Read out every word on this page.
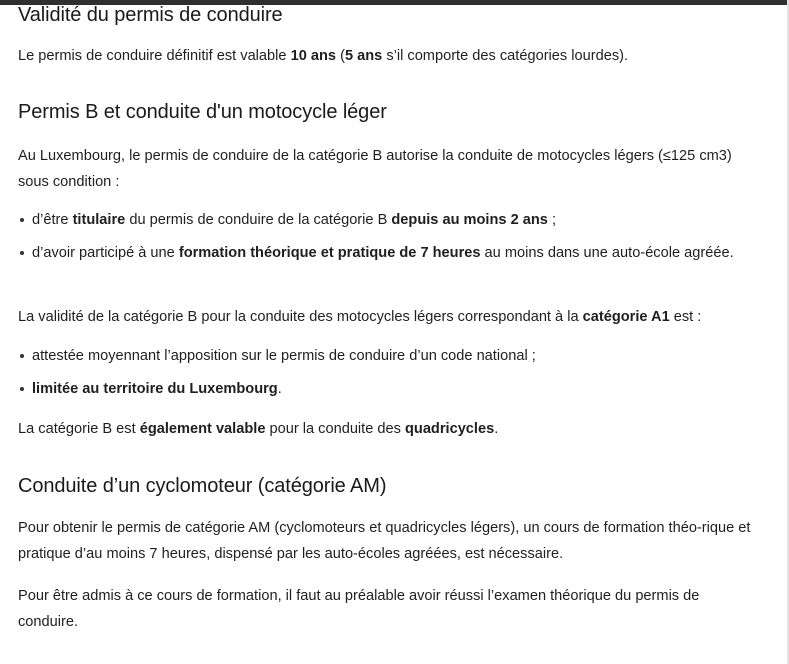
Validité du permis de conduire

Le permis de conduire définitif est valable 10 ans (5 ans s’il comporte des catégories lourdes).

Permis B et conduite d'un motocycle léger

Au Luxembourg, le permis de conduire de la catégorie B autorise la conduite de motocycles légers (≤125 cm3) sous condition :

d’être titulaire du permis de conduire de la catégorie B depuis au moins 2 ans ;
d’avoir participé à une formation théorique et pratique de 7 heures au moins dans une auto-école agréée.

La validité de la catégorie B pour la conduite des motocycles légers correspondant à la catégorie A1 est :

attestée moyennant l’apposition sur le permis de conduire d’un code national ;
limitée au territoire du Luxembourg.

La catégorie B est également valable pour la conduite des quadricycles.

Conduite d’un cyclomoteur (catégorie AM)

Pour obtenir le permis de catégorie AM (cyclomoteurs et quadricycles légers), un cours de formation théo-rique et pratique d’au moins 7 heures, dispensé par les auto-écoles agréées, est nécessaire.

Pour être admis à ce cours de formation, il faut au préalable avoir réussi l’examen théorique du permis de conduire.
